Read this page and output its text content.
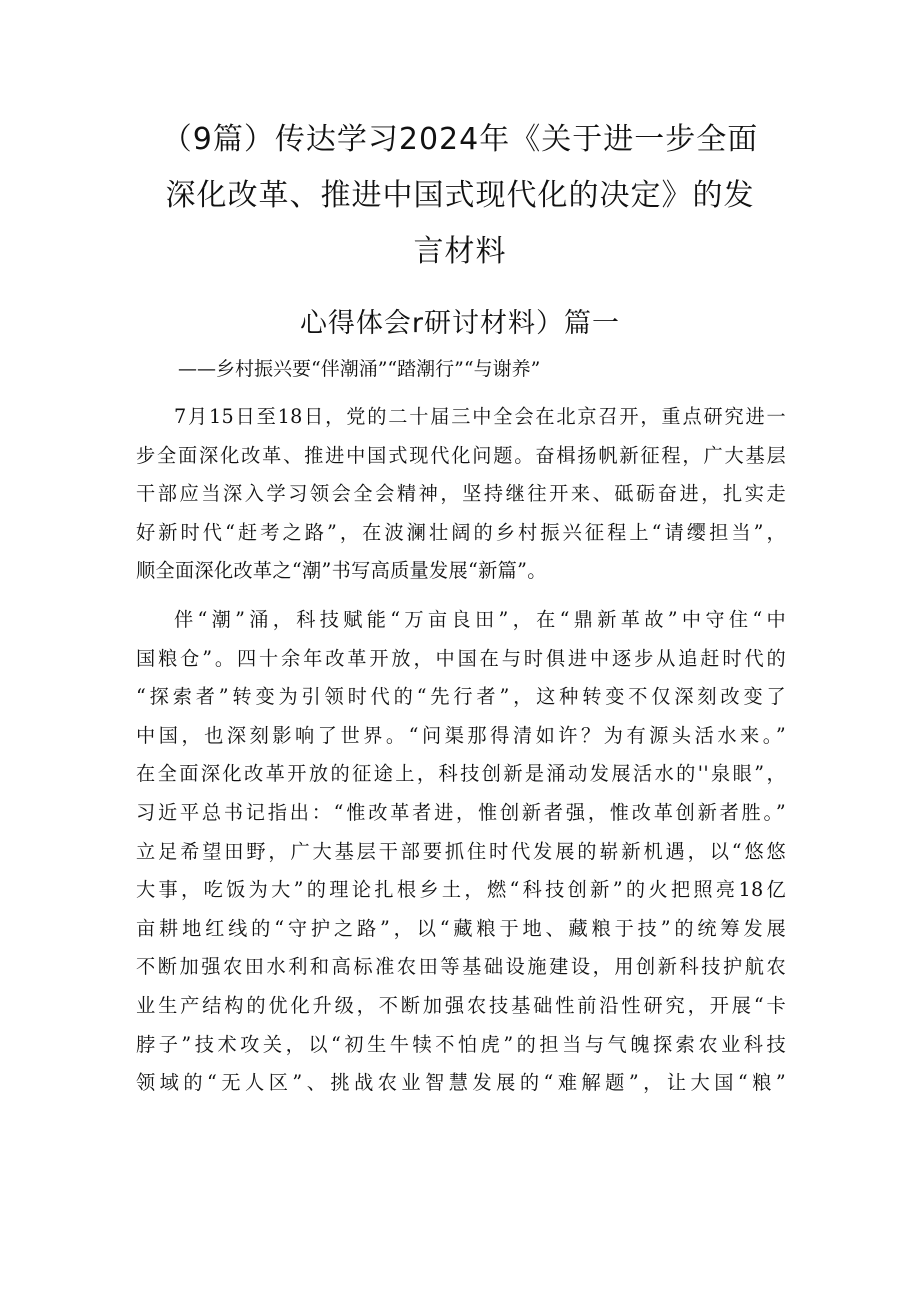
（9篇）传达学习2024年《关于进一步全面
深化改革、推进中国式现代化的决定》的发
言材料
心得体会r研讨材料）篇一
——乡村振兴要“伴潮涌”“踏潮行”“与谢养”
7月15日至18日，党的二十届三中全会在北京召开，重点研究进一
步全面深化改革、推进中国式现代化问题。奋楫扬帆新征程，广大基层
干部应当深入学习领会全会精神，坚持继往开来、砥砺奋进，扎实走
好新时代“赶考之路”，在波澜壮阔的乡村振兴征程上“请缨担当”，
顺全面深化改革之“潮”书写高质量发展“新篇”。
伴“潮”涌，科技赋能“万亩良田”，在“鼎新革故”中守住“中
国粮仓”。四十余年改革开放，中国在与时俱进中逐步从追赶时代的
“探索者”转变为引领时代的“先行者”，这种转变不仅深刻改变了
中国，也深刻影响了世界。“问渠那得清如许？为有源头活水来。”
在全面深化改革开放的征途上，科技创新是涌动发展活水的''泉眼”，
习近平总书记指出：“惟改革者进，惟创新者强，惟改革创新者胜。”
立足希望田野，广大基层干部要抓住时代发展的崭新机遇，以“悠悠
大事，吃饭为大”的理论扎根乡土，燃“科技创新”的火把照亮18亿
亩耕地红线的“守护之路”，以“藏粮于地、藏粮于技”的统筹发展
不断加强农田水利和高标准农田等基础设施建设，用创新科技护航农
业生产结构的优化升级，不断加强农技基础性前沿性研究，开展“卡
脖子”技术攻关，以“初生牛犊不怕虎”的担当与气魄探索农业科技
领域的“无人区”、挑战农业智慧发展的“难解题”，让大国“粮”
